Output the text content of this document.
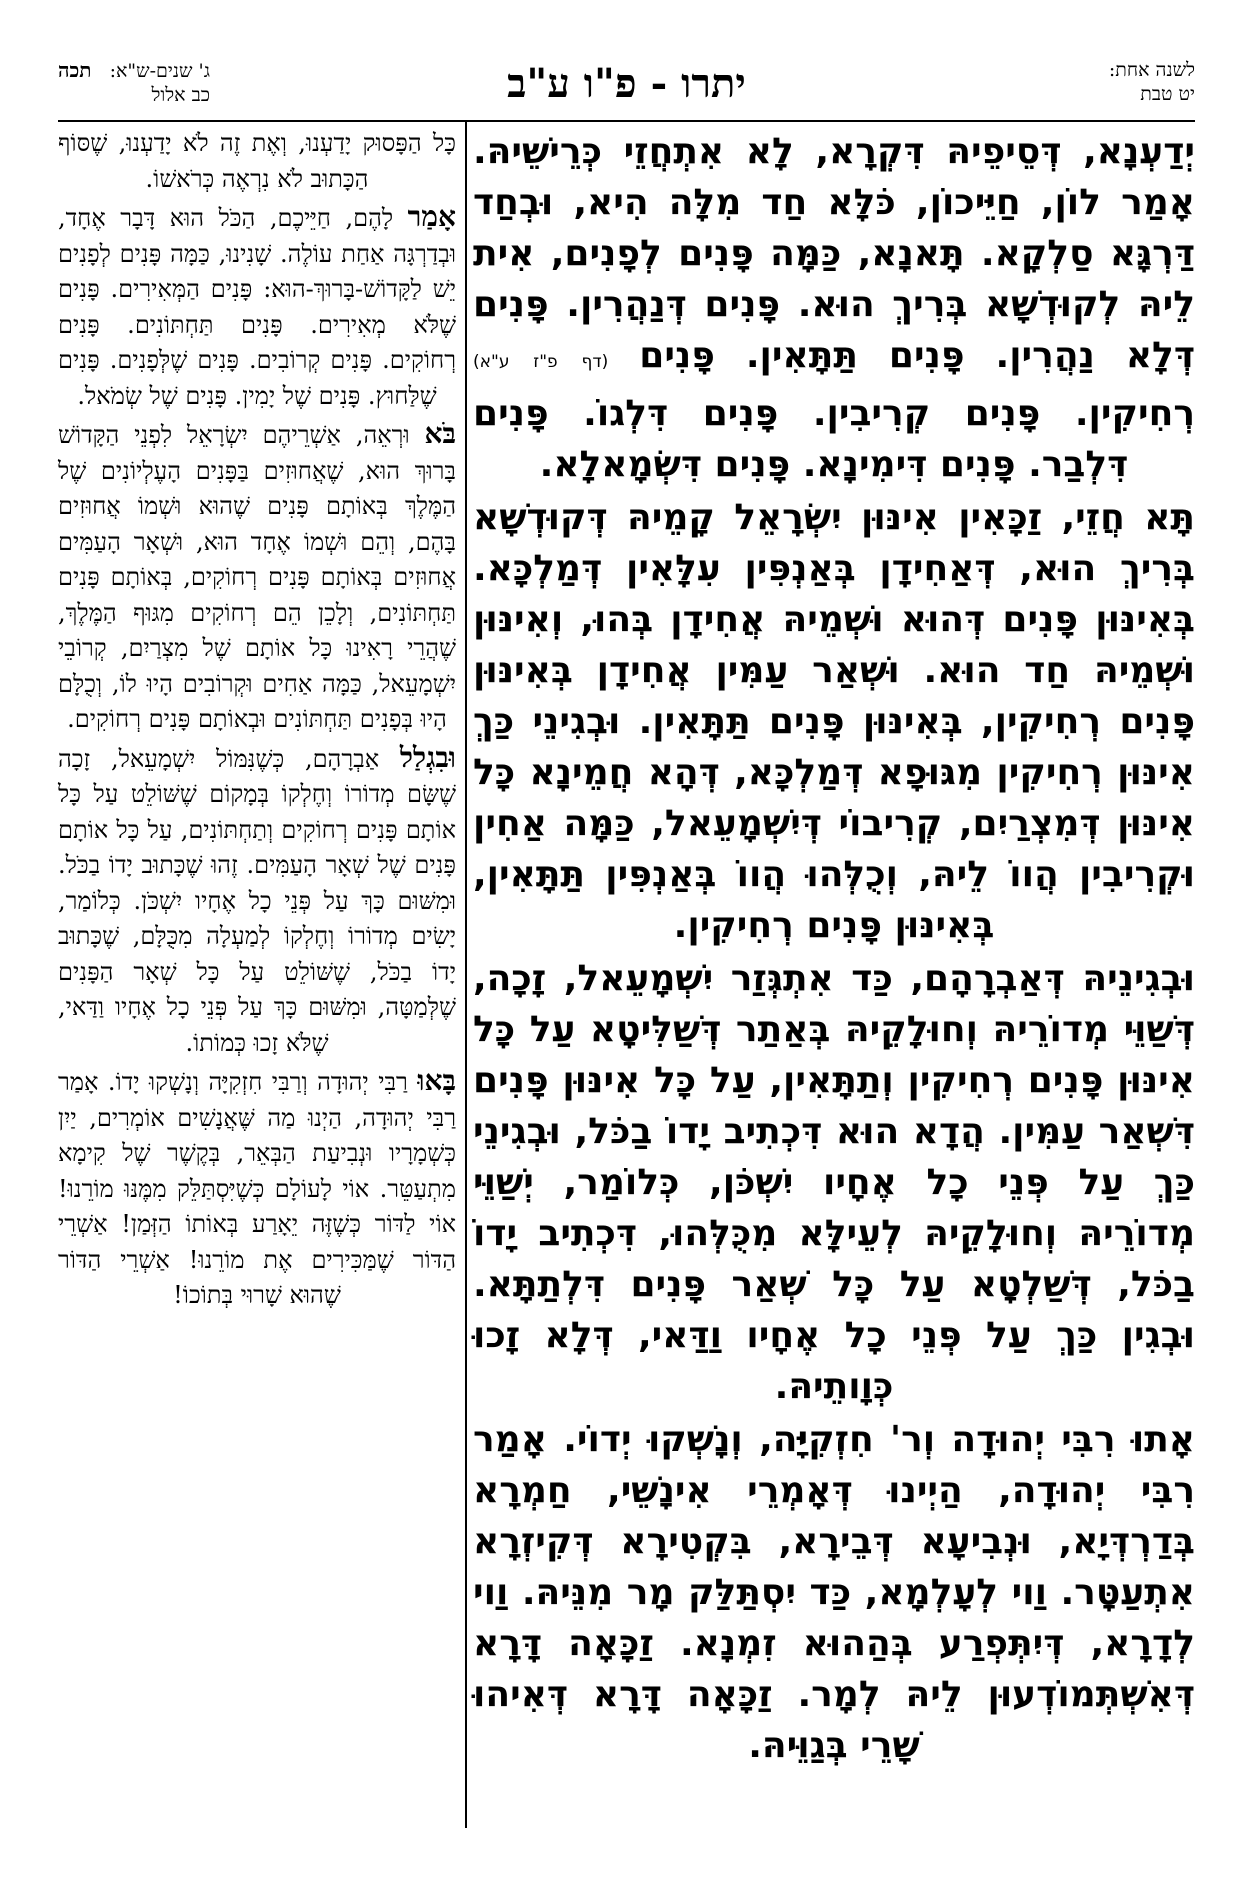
ג' שנים-ש"א:   תכה
כב אלול	יתרו - פ"ו ע"ב	לשנה אחת:
יט טבת

יְדַעְנָא, דְּסֵיפֵיהּ דִּקְרָא, לָא אִתְחֲזֵי כְּרֵישֵׁיהּ. אָמַר לוֹן, חַיֵּיכוֹן, כֹּלָּא חַד מִלָּה הִיא, וּבְחַד דַּרְגָּא סַלְקָא. תָּאנָא, כַּמָּה פָּנִים לְפָנִים, אִית לֵיהּ לְקוּדְשָׁא בְּרִיךְ הוּא. פָּנִים דְּנַהֲרִין. פָּנִים דְּלָא נַהֲרִין. פָּנִים תַּתָּאִין. פָּנִים (דף פ"ז ע"א) רְחִיקִין. פָּנִים קְרִיבִין. פָּנִים דִּלְגוֹ. פָּנִים דִּלְבַר. פָּנִים דִּימִינָא. פָּנִים דִּשְׂמָאלָא.

תָּא חֲזֵי, זַכָּאִין אִינּוּן יִשְׂרָאֵל קָמֵיהּ דְּקוּדְשָׁא בְּרִיךְ הוּא, דְּאַחִידָן בְּאַנְפִּין עִלָּאִין דְּמַלְכָּא. בְּאִינּוּן פָּנִים דְּהוּא וּשְׁמֵיהּ אֲחִידָן בְּהוּ, וְאִינּוּן וּשְׁמֵיהּ חַד הוּא. וּשְׁאַר עַמִּין אֲחִידָן בְּאִינּוּן פָּנִים רְחִיקִין, בְּאִינּוּן פָּנִים תַּתָּאִין. וּבְגִינֵי כַּךְ אִינּוּן רְחִיקִין מִגּוּפָא דְּמַלְכָּא, דְּהָא חֲמֵינָא כָּל אִינּוּן דְּמִצְרַיִם, קְרִיבוֹי דְּיִשְׁמָעֵאל, כַּמָּה אַחִין וּקְרִיבִין הֲווֹ לֵיהּ, וְכֻלְּהוּ הֲווֹ בְּאַנְפִּין תַּתָּאִין, בְּאִינּוּן פָּנִים רְחִיקִין.

וּבְגִינֵיהּ דְּאַבְרָהָם, כַּד אִתְגְּזַר יִשְׁמָעֵאל, זָכָה, דְּשַׁוֵּי מְדוֹרֵיהּ וְחוּלָקֵיהּ בְּאַתַר דְּשַׁלִּיטָא עַל כָּל אִינּוּן פָּנִים רְחִיקִין וְתַתָּאִין, עַל כָּל אִינּוּן פָּנִים דִּשְׁאַר עַמִּין. הֲדָא הוּא דִּכְתִיב יָדוֹ בַכֹּל, וּבְגִינֵי כַּךְ עַל פְּנֵי כָל אֶחָיו יִשְׁכֹּן, כְּלוֹמַר, יְשַׁוֵּי מְדוֹרֵיהּ וְחוּלָקֵיהּ לְעֵילָּא מִכֻּלְּהוּ, דִּכְתִיב יָדוֹ בַכֹּל, דְּשַׁלְטָא עַל כָּל שְׁאַר פָּנִים דִּלְתַתָּא. וּבְגִין כַּךְ עַל פְּנֵי כָל אֶחָיו וַדַּאי, דְּלָא זָכוּ כְּוָותֵיהּ.

אָתוּ רִבִּי יְהוּדָה וְר' חִזְקִיָּה, וְנָשְׁקוּ יְדוֹי. אָמַר רִבִּי יְהוּדָה, הַיְינוּ דְּאָמְרֵי אִינָשֵׁי, חַמְרָא בְּדַרְדְּיָא, וּנְבִיעָא דְּבֵירָא, בִּקְטִירָא דְּקִיזְרָא אִתְעַטָּר. וַוי לְעָלְמָא, כַּד יִסְתַּלַּק מָר מִנֵּיהּ. וַוי לְדָרָא, דְּיִתְּפְרַע בְּהַהוּא זִמְנָא. זַכָּאָה דָּרָא דְּאִשְׁתְּמוֹדְעוּן לֵיהּ לְמָר. זַכָּאָה דָּרָא דְּאִיהוּ שָׁרֵי בְּגַוֵּיהּ.

כָּל הַפָּסוּק יָדַעְנוּ, וְאֶת זֶה לֹא יָדַעְנוּ, שֶׁסּוֹף הַכָּתוּב לֹא נִרְאֶה כְּרֹאשׁוֹ.

אָמַר לָהֶם, חַיֵּיכֶם, הַכֹּל הוּא דָּבָר אֶחָד, וּבְדַרְגָּה אַחַת עוֹלֶה. שָׁנִינוּ, כַּמָּה פָּנִים לְפָנִים יֵשׁ לַקָּדוֹשׁ-בָּרוּךְ-הוּא: פָּנִים הַמְּאִירִים. פָּנִים שֶׁלֹּא מְאִירִים. פָּנִים תַּחְתּוֹנִים. פָּנִים רְחוֹקִים. פָּנִים קְרוֹבִים. פָּנִים שֶׁלְּפָנִים. פָּנִים שֶׁלַּחוּץ. פָּנִים שֶׁל יָמִין. פָּנִים שֶׁל שְׂמֹאל.

בֹּא וּרְאֵה, אַשְׁרֵיהֶם יִשְׂרָאֵל לִפְנֵי הַקָּדוֹשׁ בָּרוּךְ הוּא, שֶׁאֲחוּזִים בַּפָּנִים הָעֶלְיוֹנִים שֶׁל הַמֶּלֶךְ בְּאוֹתָם פָּנִים שֶׁהוּא וּשְׁמוֹ אֲחוּזִים בָּהֶם, וְהֵם וּשְׁמוֹ אֶחָד הוּא, וּשְׁאָר הָעַמִּים אֲחוּזִים בְּאוֹתָם פָּנִים רְחוֹקִים, בְּאוֹתָם פָּנִים תַּחְתּוֹנִים, וְלָכֵן הֵם רְחוֹקִים מִגּוּף הַמֶּלֶךְ, שֶׁהֲרֵי רָאִינוּ כָּל אוֹתָם שֶׁל מִצְרַיִם, קְרוֹבֵי יִשְׁמָעֵאל, כַּמָּה אַחִים וּקְרוֹבִים הָיוּ לוֹ, וְכֻלָּם הָיוּ בְּפָנִים תַּחְתּוֹנִים וּבְאוֹתָם פָּנִים רְחוֹקִים.

וּבִגְלַל אַבְרָהָם, כְּשֶׁנִּמּוֹל יִשְׁמָעֵאל, זָכָה שֶׁשָּׂם מְדוֹרוֹ וְחֶלְקוֹ בְּמָקוֹם שֶׁשּׁוֹלֵט עַל כָּל אוֹתָם פָּנִים רְחוֹקִים וְתַחְתּוֹנִים, עַל כָּל אוֹתָם פָּנִים שֶׁל שְׁאָר הָעַמִּים. זֶהוּ שֶׁכָּתוּב יָדוֹ בַכֹּל. וּמִשּׁוּם כָּךְ עַל פְּנֵי כָל אֶחָיו יִשְׁכֹּן. כְּלוֹמַר, יָשִׂים מְדוֹרוֹ וְחֶלְקוֹ לְמַעְלָה מִכֻּלָּם, שֶׁכָּתוּב יָדוֹ בַכֹּל, שֶׁשּׁוֹלֵט עַל כָּל שְׁאָר הַפָּנִים שֶׁלְּמַטָּה, וּמִשּׁוּם כָּךְ עַל פְּנֵי כָל אֶחָיו וַדַּאי, שֶׁלֹּא זָכוּ כְּמוֹתוֹ.

בָּאוּ רַבִּי יְהוּדָה וְרַבִּי חִזְקִיָּה וְנָשְׁקוּ יָדוֹ. אָמַר רַבִּי יְהוּדָה, הַיְנוּ מַה שֶּׁאֲנָשִׁים אוֹמְרִים, יַיִן כְּשְׁמָרָיו וּנְבִיעַת הַבְּאֵר, בְּקֶשֶׁר שֶׁל קִימָא מִתְעַטֵּר. אוֹי לָעוֹלָם כְּשֶׁיִּסְתַּלֵּק מִמֶּנּוּ מוֹרֵנוּ! אוֹי לַדּוֹר כְּשֶׁזֶּה יֵאָרַע בְּאוֹתוֹ הַזְּמַן! אַשְׁרֵי הַדּוֹר שֶׁמַּכִּירִים אֶת מוֹרֵנוּ! אַשְׁרֵי הַדּוֹר שֶׁהוּא שָׁרוּי בְּתוֹכוֹ!
